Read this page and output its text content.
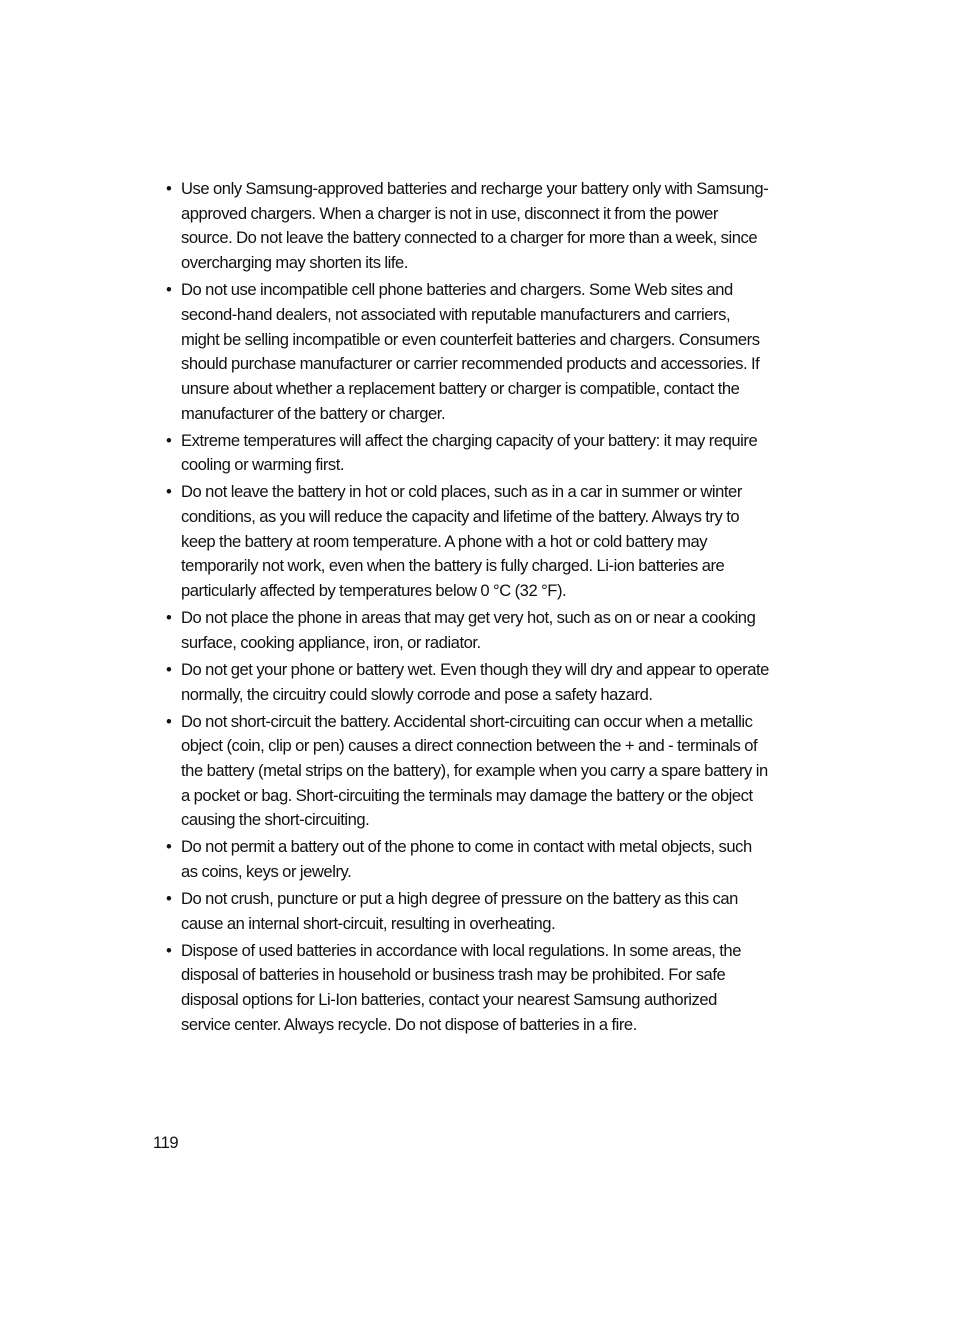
• Use only Samsung-approved batteries and recharge your battery only with Samsung-approved chargers. When a charger is not in use, disconnect it from the power source. Do not leave the battery connected to a charger for more than a week, since overcharging may shorten its life.
• Do not use incompatible cell phone batteries and chargers. Some Web sites and second-hand dealers, not associated with reputable manufacturers and carriers, might be selling incompatible or even counterfeit batteries and chargers. Consumers should purchase manufacturer or carrier recommended products and accessories. If unsure about whether a replacement battery or charger is compatible, contact the manufacturer of the battery or charger.
• Extreme temperatures will affect the charging capacity of your battery: it may require cooling or warming first.
• Do not leave the battery in hot or cold places, such as in a car in summer or winter conditions, as you will reduce the capacity and lifetime of the battery. Always try to keep the battery at room temperature. A phone with a hot or cold battery may temporarily not work, even when the battery is fully charged. Li-ion batteries are particularly affected by temperatures below 0 °C (32 °F).
• Do not place the phone in areas that may get very hot, such as on or near a cooking surface, cooking appliance, iron, or radiator.
• Do not get your phone or battery wet. Even though they will dry and appear to operate normally, the circuitry could slowly corrode and pose a safety hazard.
• Do not short-circuit the battery. Accidental short-circuiting can occur when a metallic object (coin, clip or pen) causes a direct connection between the + and - terminals of the battery (metal strips on the battery), for example when you carry a spare battery in a pocket or bag. Short-circuiting the terminals may damage the battery or the object causing the short-circuiting.
• Do not permit a battery out of the phone to come in contact with metal objects, such as coins, keys or jewelry.
• Do not crush, puncture or put a high degree of pressure on the battery as this can cause an internal short-circuit, resulting in overheating.
• Dispose of used batteries in accordance with local regulations. In some areas, the disposal of batteries in household or business trash may be prohibited. For safe disposal options for Li-Ion batteries, contact your nearest Samsung authorized service center. Always recycle. Do not dispose of batteries in a fire.
119
